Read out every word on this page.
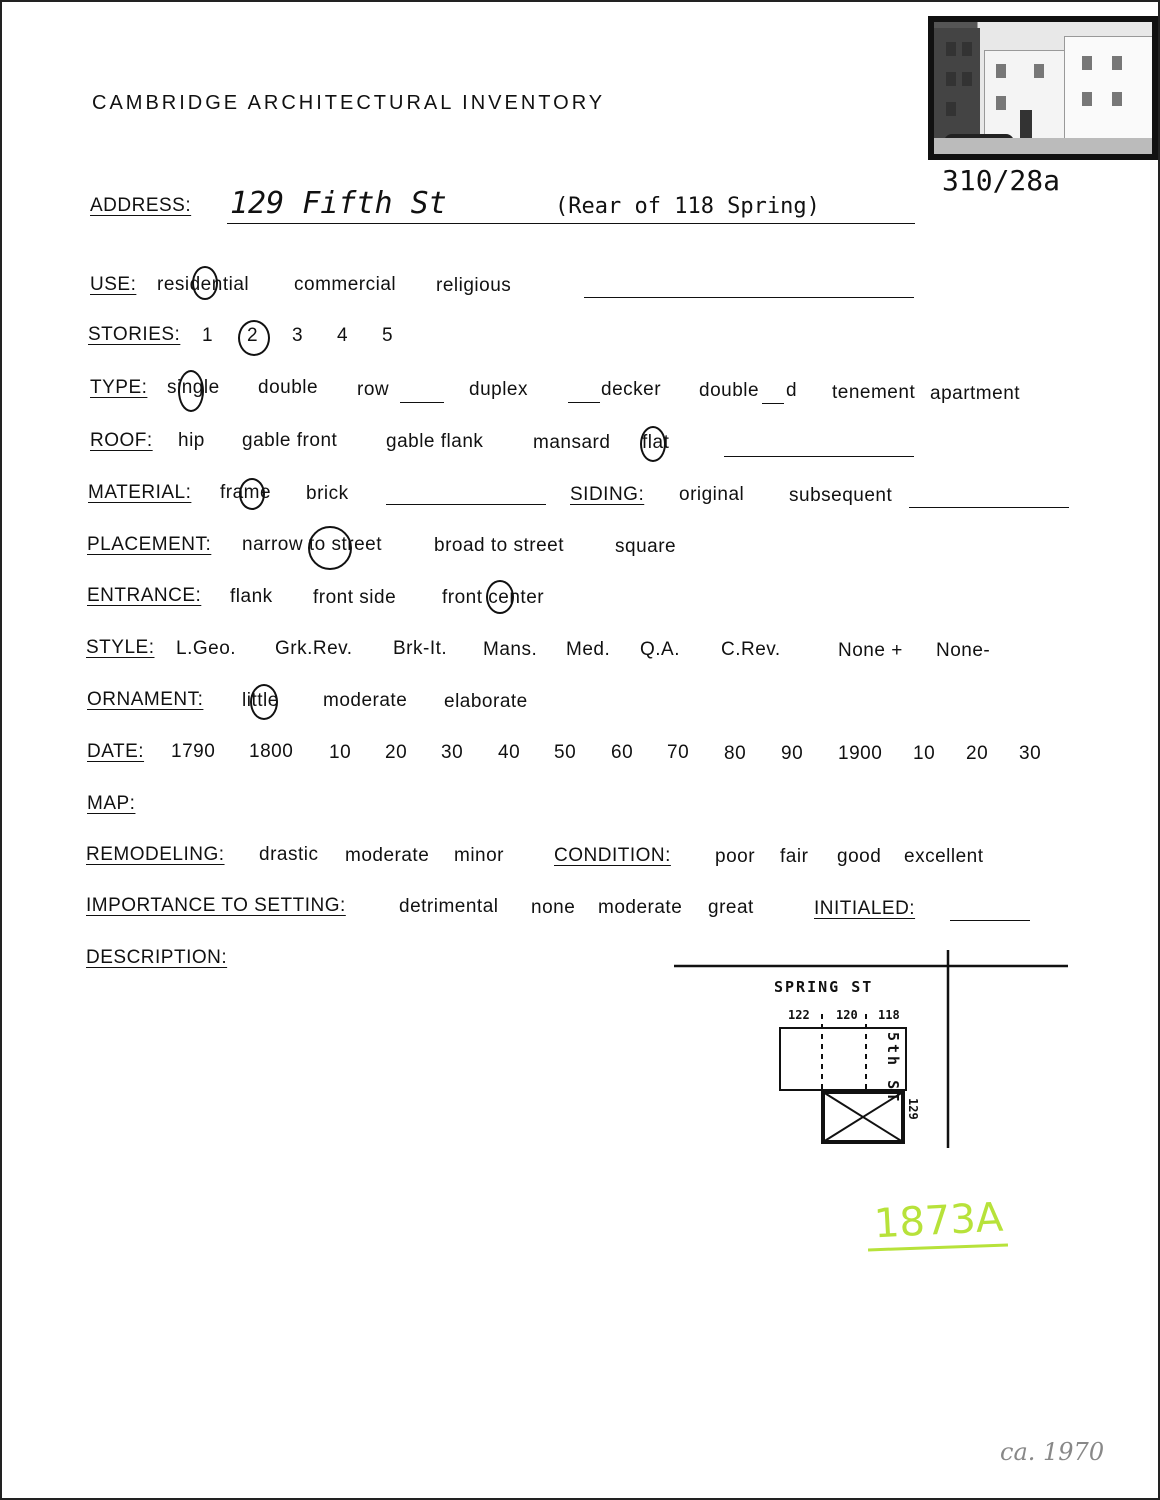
310/28a
CAMBRIDGE ARCHITECTURAL INVENTORY
ADDRESS: 129 Fifth St	(Rear of 118 Spring)
USE: residential commercial religious
STORIES: 1 2 3 4 5
TYPE: single double row	duplex	decker double d tenement apartment
ROOF: hip gable front	gable flank	mansard flat
MATERIAL: frame brick	SIDING: original subsequent
PLACEMENT: narrow to street	broad to street	square
ENTRANCE: flank front side front center
STYLE: L.Geo. Grk.Rev. Brk-It. Mans. Med. Q.A. C.Rev.	None + None-
ORNAMENT: little moderate elaborate
DATE: 1790 1800 10 20 30 40 50 60 70 80 90 1900 10 20 30
MAP:
REMODELING: drastic moderate minor	CONDITION: poor fair good excellent
IMPORTANCE TO SETTING:	detrimental none moderate great	INITIALED:
DESCRIPTION:
SPRING ST
122 120 118
5th ST
129
1873A
ca. 1970
